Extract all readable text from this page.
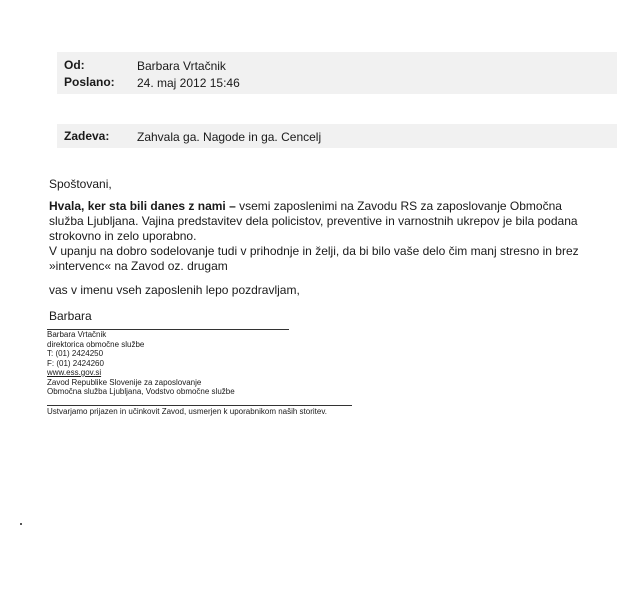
Od:	Barbara Vrtačnik
Poslano: 24. maj 2012 15:46
Zadeva: Zahvala ga. Nagode in ga. Cencelj
Spoštovani,

Hvala, ker sta bili danes z nami – vsemi zaposlenimi na Zavodu RS za zaposlovanje Območna služba Ljubljana. Vajina predstavitev dela policistov, preventive in varnostnih ukrepov je bila podana strokovno in zelo uporabno.

V upanju na dobro sodelovanje tudi v prihodnje in želji, da bi bilo vaše delo čim manj stresno in brez »intervenc« na Zavod oz. drugam

vas v imenu vseh zaposlenih lepo pozdravljam,
Barbara
Barbara Vrtačnik
direktorica območne službe
T: (01) 2424250
F: (01) 2424260
www.ess.gov.si
Zavod Republike Slovenije za zaposlovanje
Območna služba Ljubljana, Vodstvo območne službe
Ustvarjamo prijazen in učinkovit Zavod, usmerjen k uporabnikom naših storitev.
